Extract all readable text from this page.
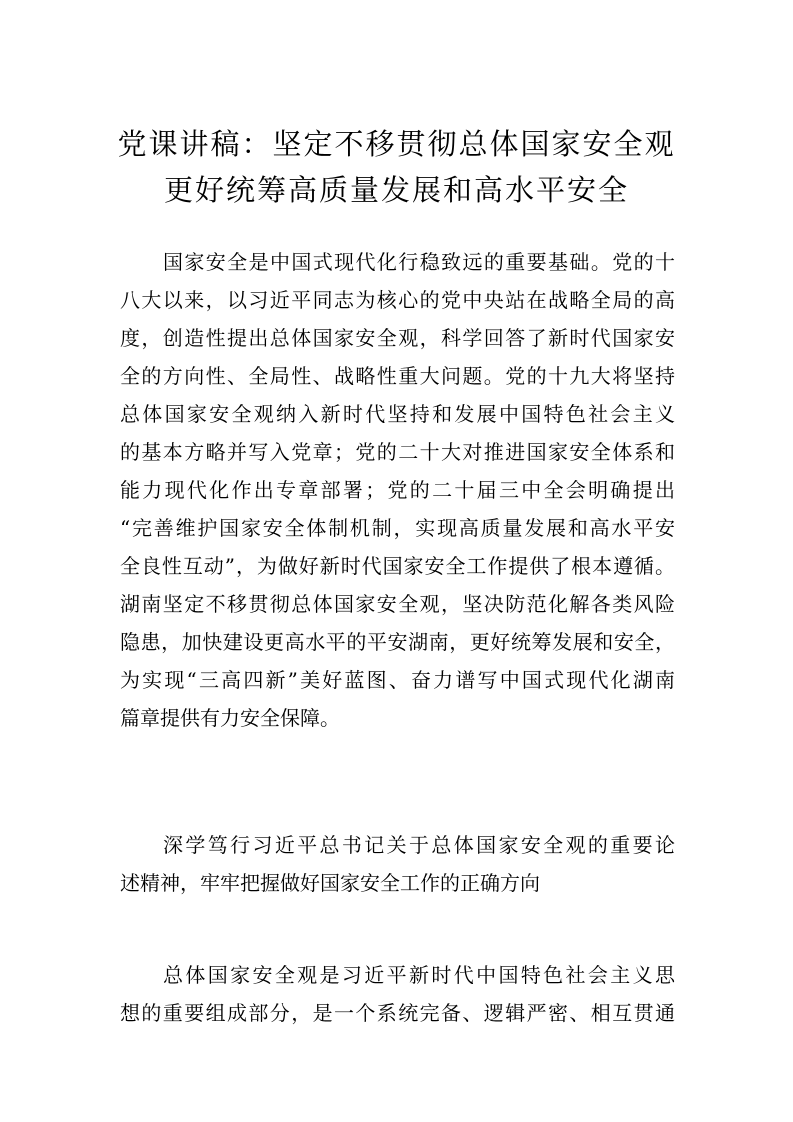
党课讲稿：坚定不移贯彻总体国家安全观
更好统筹高质量发展和高水平安全
国家安全是中国式现代化行稳致远的重要基础。党的十
八大以来，以习近平同志为核心的党中央站在战略全局的高
度，创造性提出总体国家安全观，科学回答了新时代国家安
全的方向性、全局性、战略性重大问题。党的十九大将坚持
总体国家安全观纳入新时代坚持和发展中国特色社会主义
的基本方略并写入党章；党的二十大对推进国家安全体系和
能力现代化作出专章部署；党的二十届三中全会明确提出
“完善维护国家安全体制机制，实现高质量发展和高水平安
全良性互动”，为做好新时代国家安全工作提供了根本遵循。
湖南坚定不移贯彻总体国家安全观，坚决防范化解各类风险
隐患，加快建设更高水平的平安湖南，更好统筹发展和安全，
为实现“三高四新”美好蓝图、奋力谱写中国式现代化湖南
篇章提供有力安全保障。
深学笃行习近平总书记关于总体国家安全观的重要论
述精神，牢牢把握做好国家安全工作的正确方向
总体国家安全观是习近平新时代中国特色社会主义思
想的重要组成部分，是一个系统完备、逻辑严密、相互贯通
